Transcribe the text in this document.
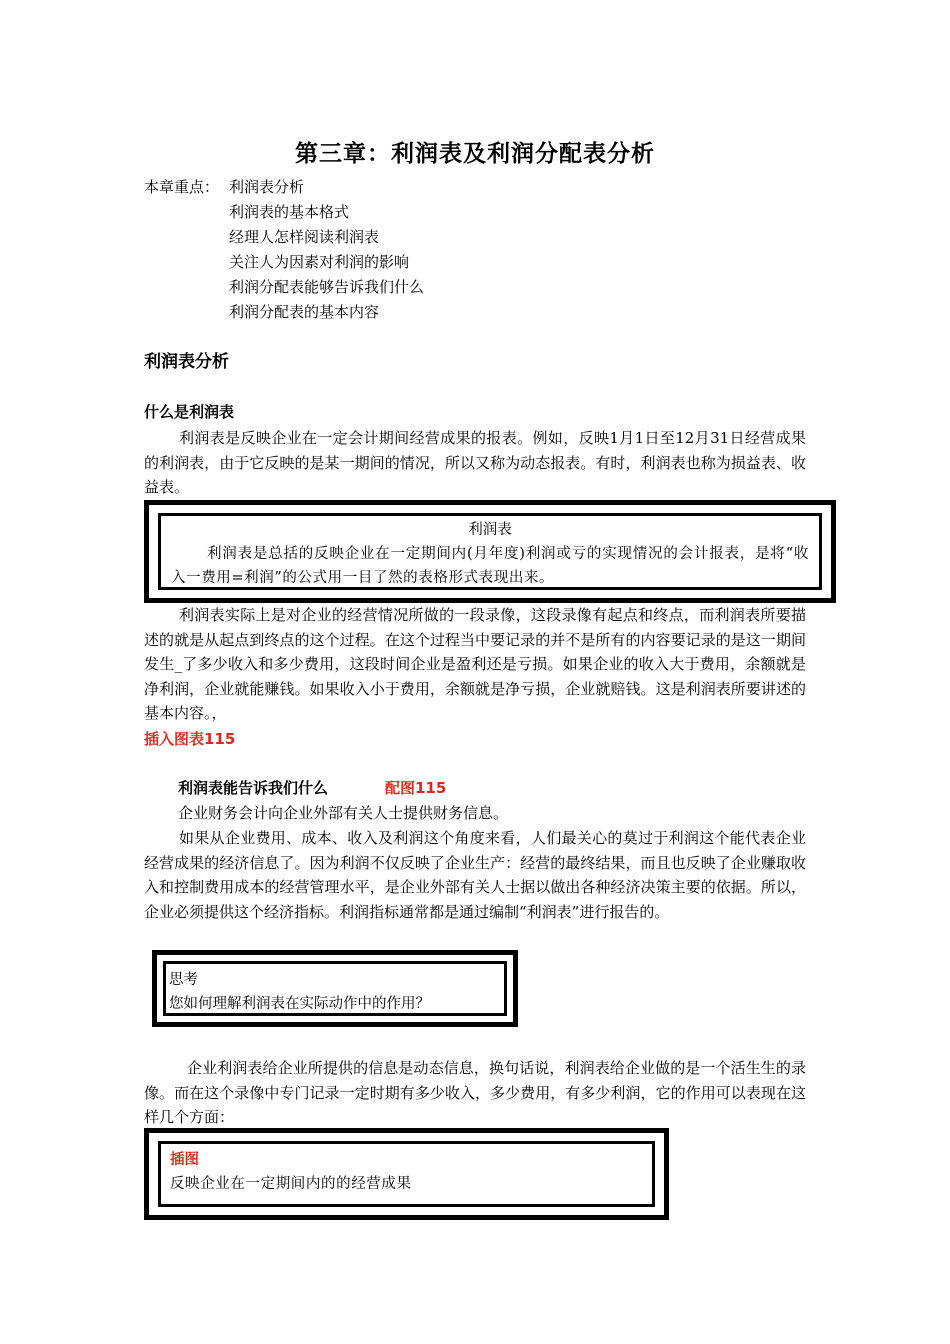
第三章：利润表及利润分配表分析
本章重点： 利润表分析
利润表的基本格式
经理人怎样阅读利润表
关注人为因素对利润的影响
利润分配表能够告诉我们什么
利润分配表的基本内容
利润表分析
什么是利润表
利润表是反映企业在一定会计期间经营成果的报表。例如，反映1月1日至12月31日经营成果的利润表，由于它反映的是某一期间的情况，所以又称为动态报表。有时，利润表也称为损益表、收益表。
利润表
利润表是总括的反映企业在一定期间内(月年度)利润或亏的实现情况的会计报表，是将“收入一费用=利润”的公式用一目了然的表格形式表现出来。
利润表实际上是对企业的经营情况所做的一段录像，这段录像有起点和终点，而利润表所要描述的就是从起点到终点的这个过程。在这个过程当中要记录的并不是所有的内容要记录的是这一期间发生_了多少收入和多少费用，这段时间企业是盈利还是亏损。如果企业的收入大于费用，余额就是净利润，企业就能赚钱。如果收入小于费用，余额就是净亏损，企业就赔钱。这是利润表所要讲述的基本内容。，
插入图表115
利润表能告诉我们什么	配图115
企业财务会计向企业外部有关人士提供财务信息。
如果从企业费用、成本、收入及利润这个角度来看，人们最关心的莫过于利润这个能代表企业经营成果的经济信息了。因为利润不仅反映了企业生产：经营的最终结果，而且也反映了企业赚取收入和控制费用成本的经营管理水平，是企业外部有关人士据以做出各种经济决策主要的依据。所以，企业必须提供这个经济指标。利润指标通常都是通过编制“利润表”进行报告的。
思考
您如何理解利润表在实际动作中的作用？
企业利润表给企业所提供的信息是动态信息，换句话说，利润表给企业做的是一个活生生的录像。而在这个录像中专门记录一定时期有多少收入，多少费用，有多少利润，它的作用可以表现在这样几个方面：
插图
反映企业在一定期间内的的经营成果
